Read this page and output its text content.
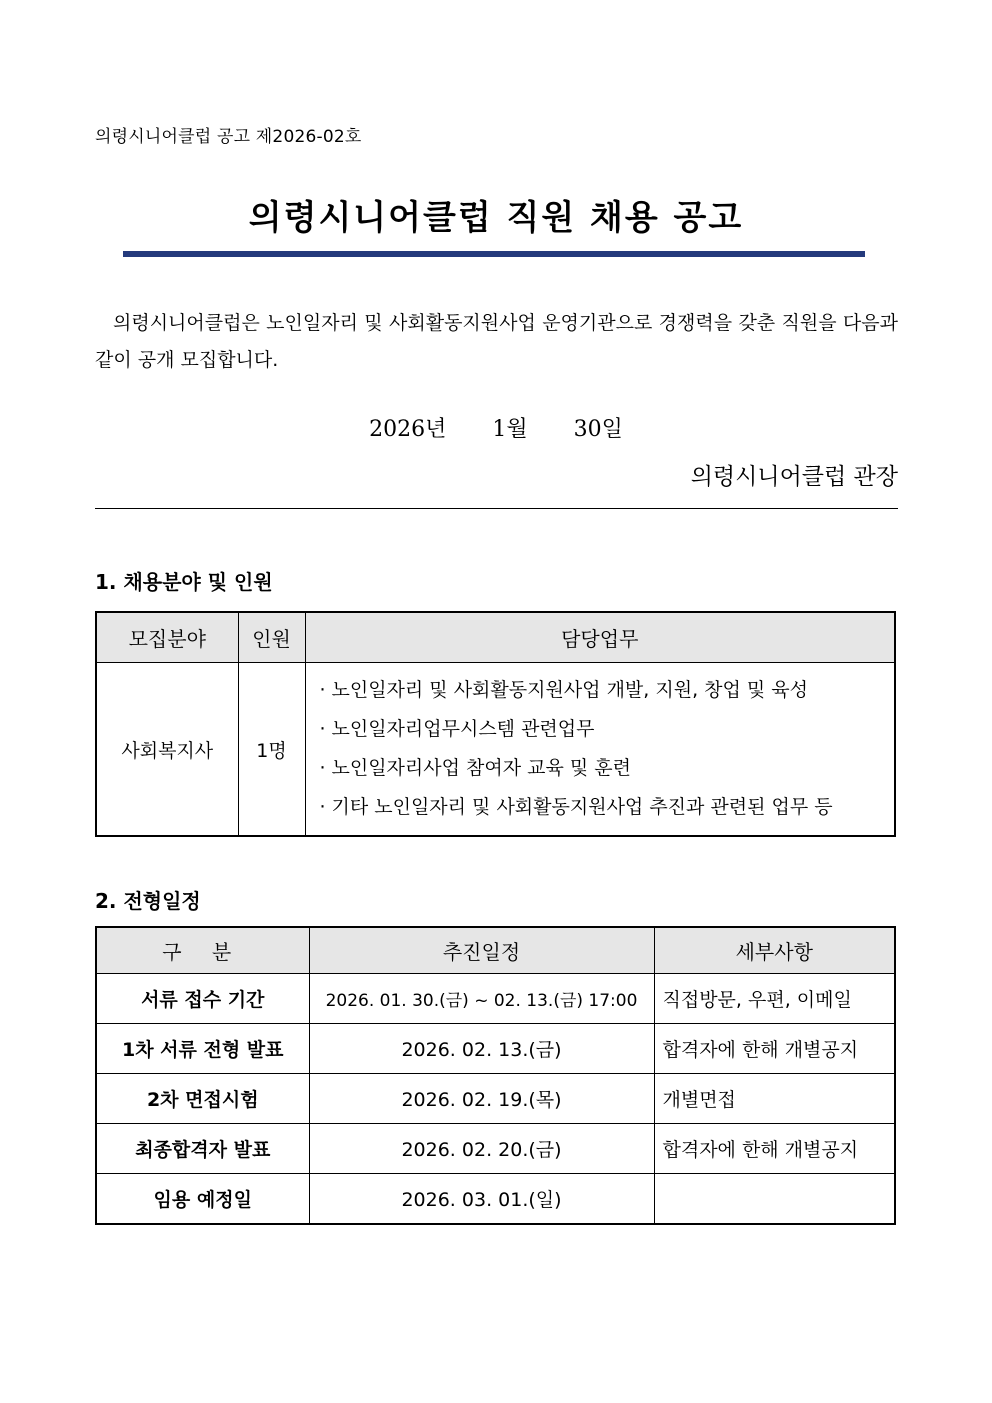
의령시니어클럽 공고 제2026-02호
의령시니어클럽 직원 채용 공고

의령시니어클럽은 노인일자리 및 사회활동지원사업 운영기관으로 경쟁력을 갖춘 직원을 다음과 같이 공개 모집합니다.

2026년 1월 30일
의령시니어클럽 관장
1. 채용분야 및 인원
모집분야	인원	담당업무
사회복지사	1명	· 노인일자리 및 사회활동지원사업 개발, 지원, 창업 및 육성
· 노인일자리업무시스템 관련업무
· 노인일자리사업 참여자 교육 및 훈련
· 기타 노인일자리 및 사회활동지원사업 추진과 관련된 업무 등
2. 전형일정
구 분	추진일정	세부사항
서류 접수 기간	2026. 01. 30.(금) ~ 02. 13.(금) 17:00	직접방문, 우편, 이메일
1차 서류 전형 발표	2026. 02. 13.(금)	합격자에 한해 개별공지
2차 면접시험	2026. 02. 19.(목)	개별면접
최종합격자 발표	2026. 02. 20.(금)	합격자에 한해 개별공지
임용 예정일	2026. 03. 01.(일)	
